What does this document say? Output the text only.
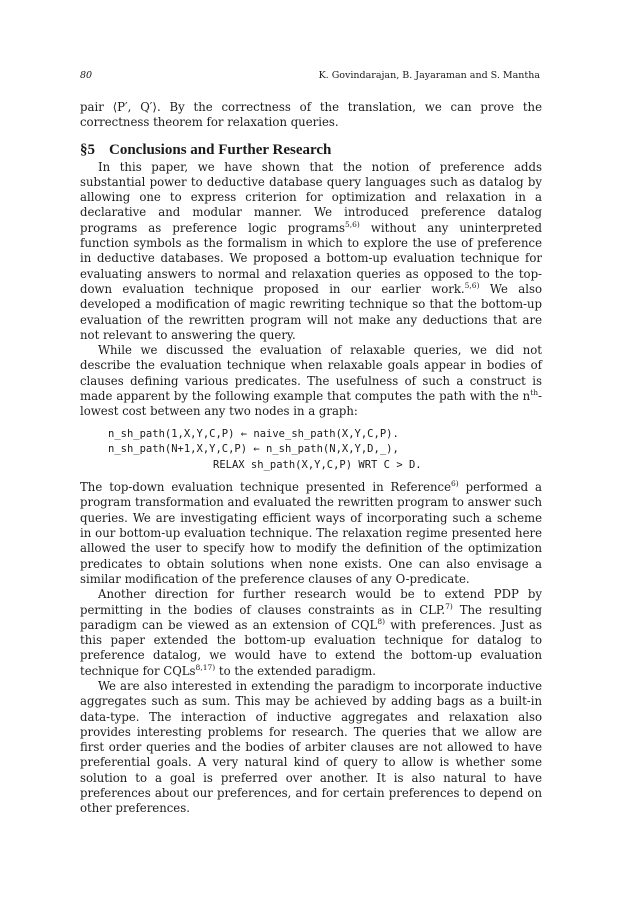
80	K. Govindarajan, B. Jayaraman and S. Mantha

pair ⟨P′, Q′⟩. By the correctness of the translation, we can prove the correctness theorem for relaxation queries.

§5 Conclusions and Further Research

In this paper, we have shown that the notion of preference adds substantial power to deductive database query languages such as datalog by allowing one to express criterion for optimization and relaxation in a declarative and modular manner. We introduced preference datalog programs as preference logic programs$^{5,6)}$ without any uninterpreted function symbols as the formalism in which to explore the use of preference in deductive databases. We proposed a bottom-up evaluation technique for evaluating answers to normal and relaxation queries as opposed to the top-down evaluation technique proposed in our earlier work.$^{5,6)}$ We also developed a modification of magic rewriting technique so that the bottom-up evaluation of the rewritten program will not make any deductions that are not relevant to answering the query.

While we discussed the evaluation of relaxable queries, we did not describe the evaluation technique when relaxable goals appear in bodies of clauses defining various predicates. The usefulness of such a construct is made apparent by the following example that computes the path with the $n^{th}$-lowest cost between any two nodes in a graph:

n_sh_path(1,X,Y,C,P) ← naive_sh_path(X,Y,C,P).
n_sh_path(N+1,X,Y,C,P) ← n_sh_path(N,X,Y,D,_),
RELAX sh_path(X,Y,C,P) WRT C > D.

The top-down evaluation technique presented in Reference$^{6)}$ performed a program transformation and evaluated the rewritten program to answer such queries. We are investigating efficient ways of incorporating such a scheme in our bottom-up evaluation technique. The relaxation regime presented here allowed the user to specify how to modify the definition of the optimization predicates to obtain solutions when none exists. One can also envisage a similar modification of the preference clauses of any O-predicate.

Another direction for further research would be to extend PDP by permitting in the bodies of clauses constraints as in CLP.$^{7)}$ The resulting paradigm can be viewed as an extension of CQL$^{8)}$ with preferences. Just as this paper extended the bottom-up evaluation technique for datalog to preference datalog, we would have to extend the bottom-up evaluation technique for CQLs$^{8,17)}$ to the extended paradigm.

We are also interested in extending the paradigm to incorporate inductive aggregates such as sum. This may be achieved by adding bags as a built-in data-type. The interaction of inductive aggregates and relaxation also provides interesting problems for research. The queries that we allow are first order queries and the bodies of arbiter clauses are not allowed to have preferential goals. A very natural kind of query to allow is whether some solution to a goal is preferred over another. It is also natural to have preferences about our preferences, and for certain preferences to depend on other preferences.
